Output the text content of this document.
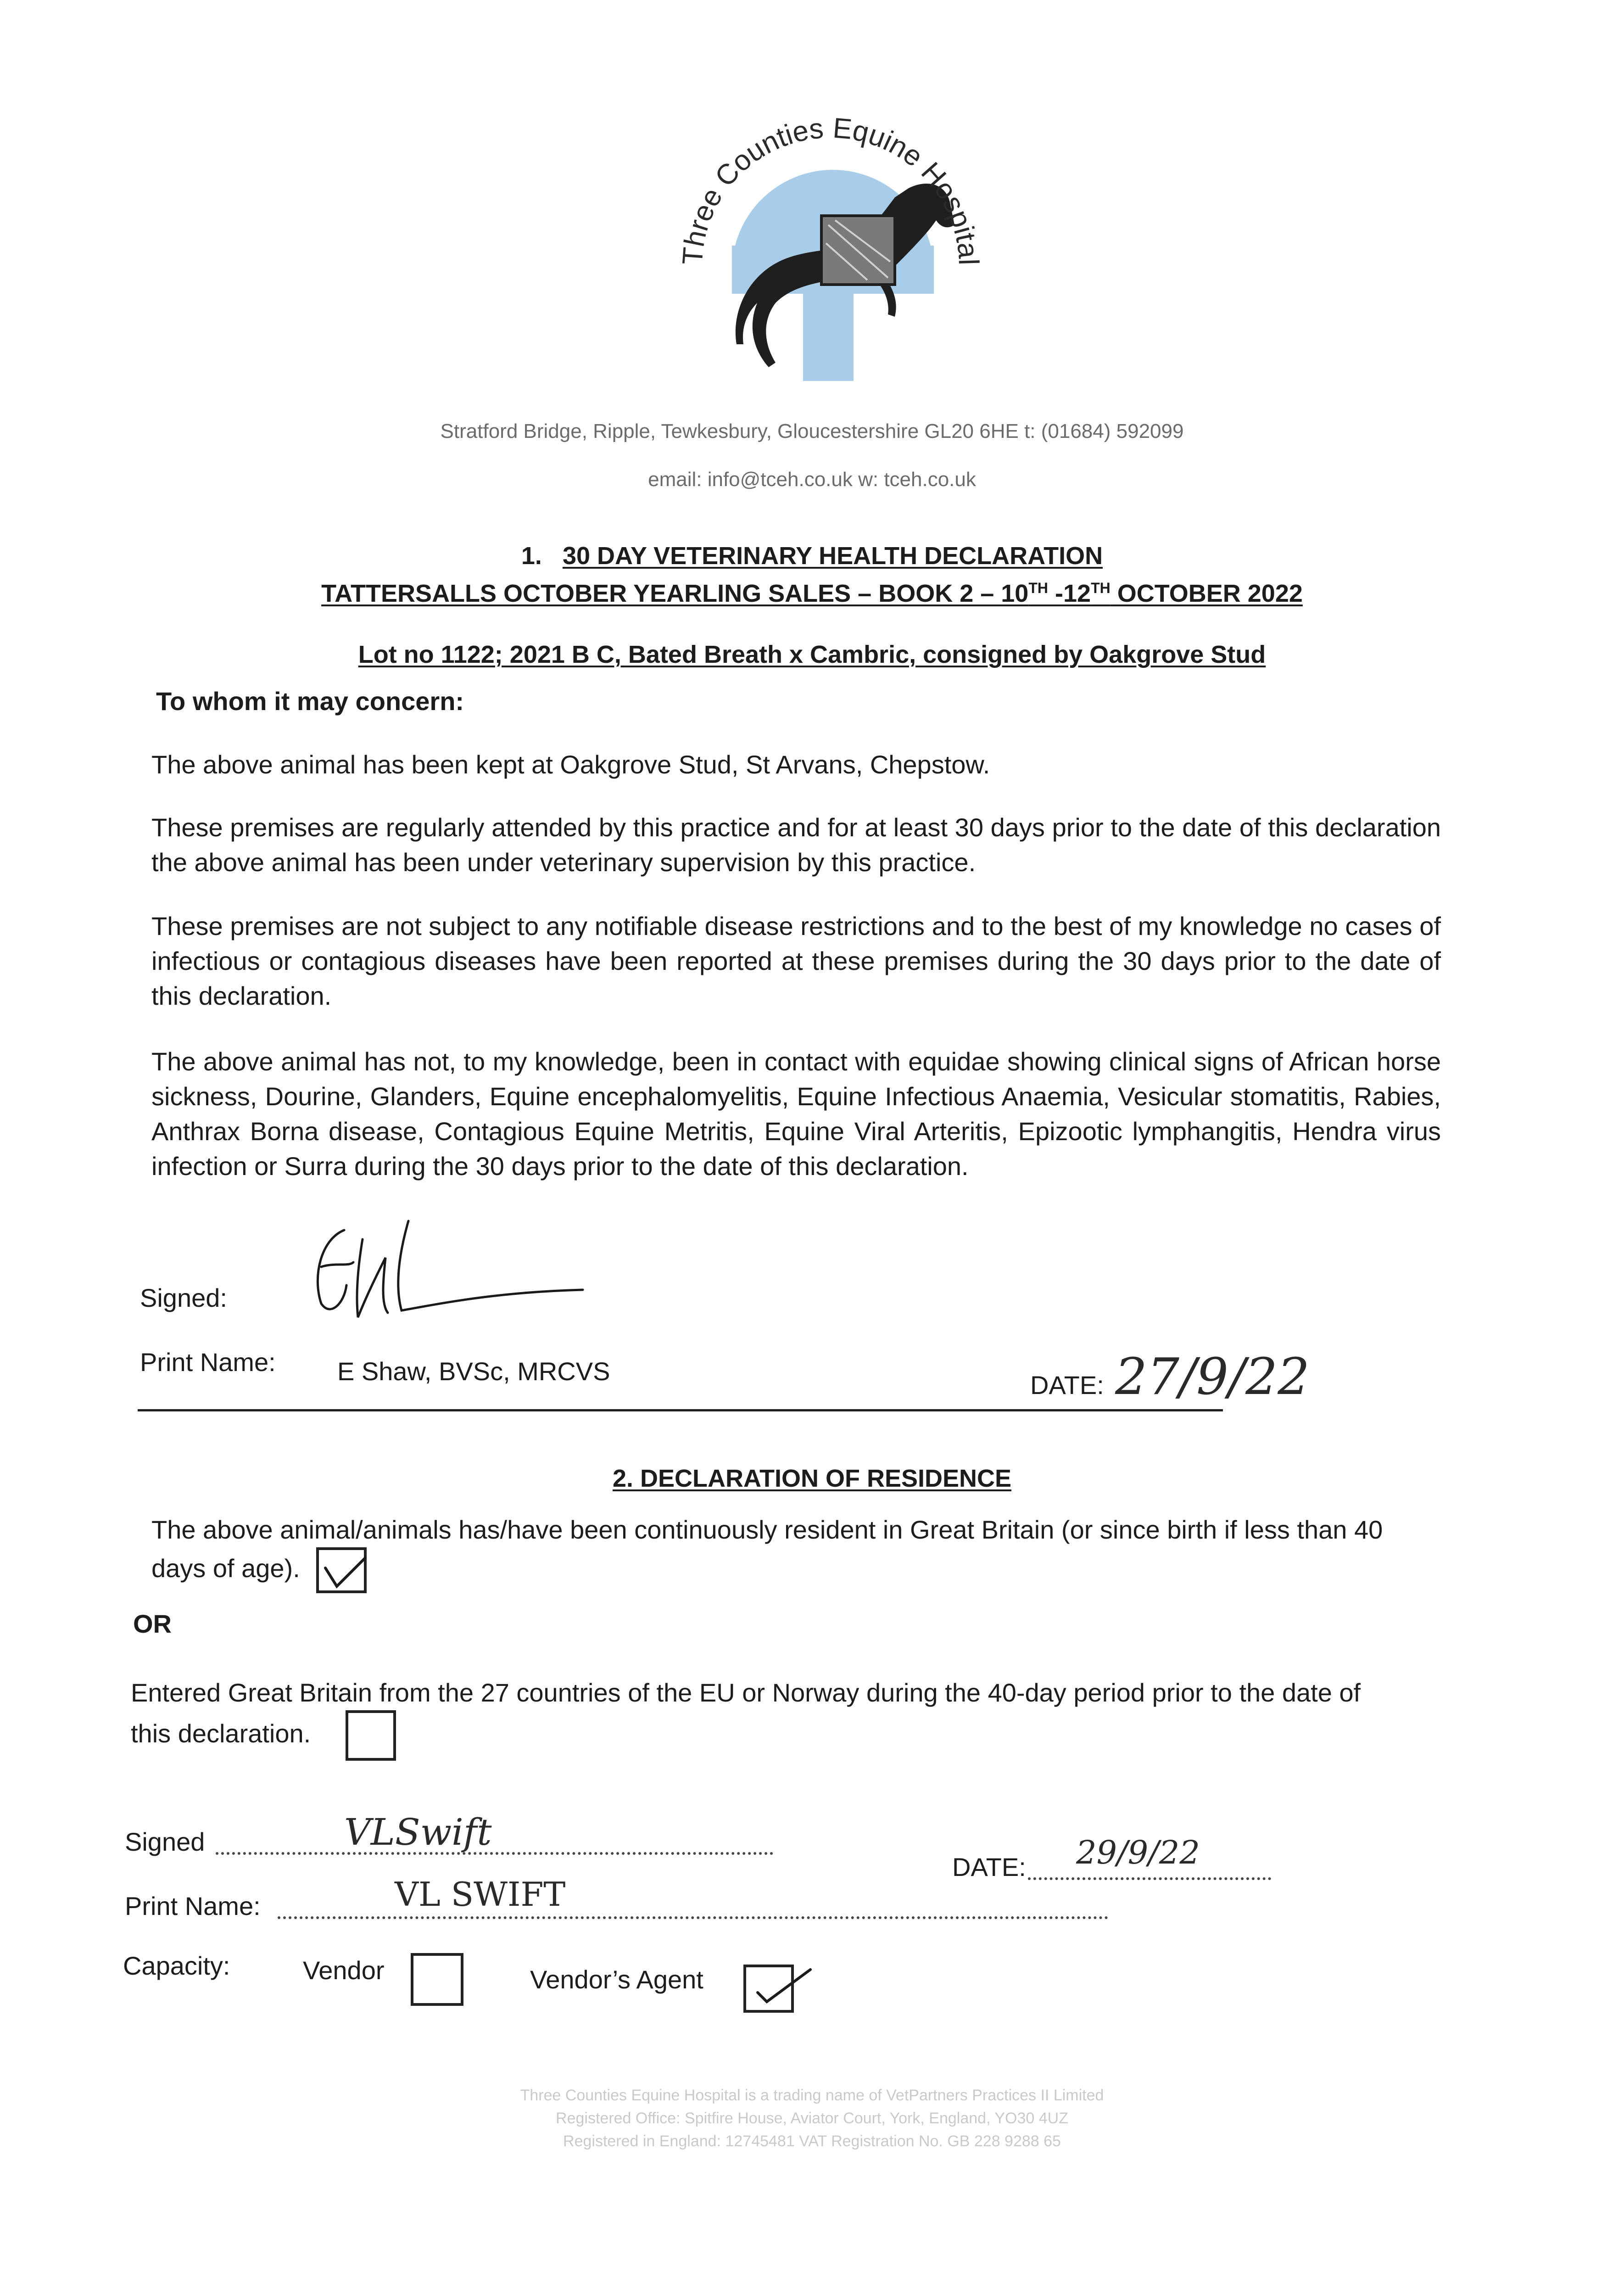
Three Counties Equine Hospital
Stratford Bridge, Ripple, Tewkesbury, Gloucestershire GL20 6HE t: (01684) 592099
email: info@tceh.co.uk w: tceh.co.uk
1. 30 DAY VETERINARY HEALTH DECLARATION
TATTERSALLS OCTOBER YEARLING SALES – BOOK 2 – 10TH -12TH OCTOBER 2022
Lot no 1122; 2021 B C, Bated Breath x Cambric, consigned by Oakgrove Stud
To whom it may concern:
The above animal has been kept at Oakgrove Stud, St Arvans, Chepstow.
These premises are regularly attended by this practice and for at least 30 days prior to the date of this declaration the above animal has been under veterinary supervision by this practice.
These premises are not subject to any notifiable disease restrictions and to the best of my knowledge no cases of infectious or contagious diseases have been reported at these premises during the 30 days prior to the date of this declaration.
The above animal has not, to my knowledge, been in contact with equidae showing clinical signs of African horse sickness, Dourine, Glanders, Equine encephalomyelitis, Equine Infectious Anaemia, Vesicular stomatitis, Rabies, Anthrax Borna disease, Contagious Equine Metritis, Equine Viral Arteritis, Epizootic lymphangitis, Hendra virus infection or Surra during the 30 days prior to the date of this declaration.
Signed:
Print Name: E Shaw, BVSc, MRCVS	DATE: 27/9/22
2. DECLARATION OF RESIDENCE
The above animal/animals has/have been continuously resident in Great Britain (or since birth if less than 40 days of age).
OR
Entered Great Britain from the 27 countries of the EU or Norway during the 40-day period prior to the date of this declaration.
Signed	VLSwift
DATE: 29/9/22
Print Name:	VL SWIFT
Capacity:	Vendor	Vendor’s Agent
Three Counties Equine Hospital is a trading name of VetPartners Practices II Limited
Registered Office: Spitfire House, Aviator Court, York, England, YO30 4UZ
Registered in England: 12745481 VAT Registration No. GB 228 9288 65
